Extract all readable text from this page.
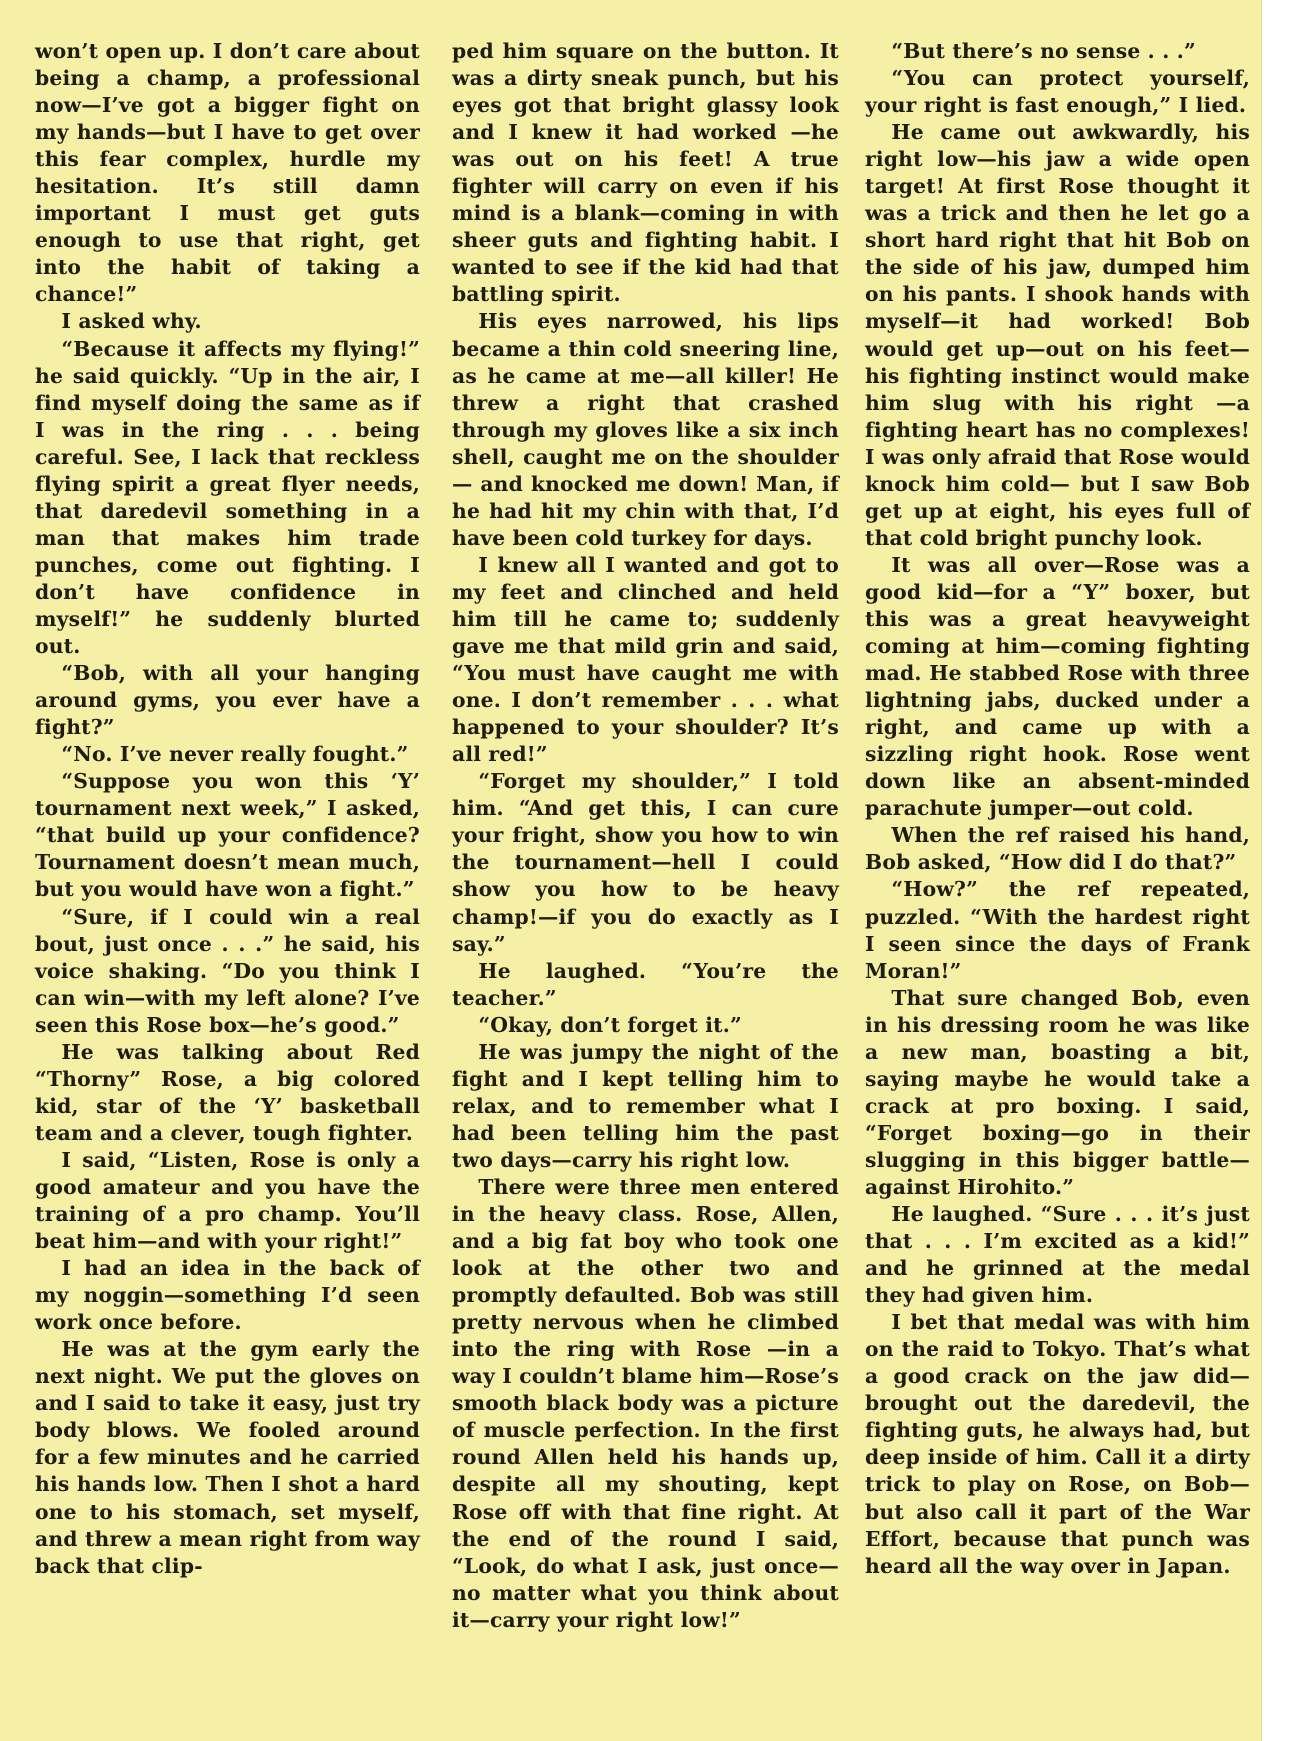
won’t open up. I don’t care about being a champ, a professional now—I’ve got a bigger fight on my hands—but I have to get over this fear complex, hurdle my hesitation. It’s still damn important I must get guts enough to use that right, get into the habit of taking a chance!”

I asked why.

“Because it affects my flying!” he said quickly. “Up in the air, I find myself doing the same as if I was in the ring . . . being careful. See, I lack that reckless flying spirit a great flyer needs, that daredevil something in a man that makes him trade punches, come out fighting. I don’t have confidence in myself!” he suddenly blurted out.

“Bob, with all your hanging around gyms, you ever have a fight?”

“No. I’ve never really fought.”

“Suppose you won this ‘Y’ tournament next week,” I asked, “that build up your confidence? Tournament doesn’t mean much, but you would have won a fight.”

“Sure, if I could win a real bout, just once . . .” he said, his voice shaking. “Do you think I can win—with my left alone? I’ve seen this Rose box—he’s good.”

He was talking about Red “Thorny” Rose, a big colored kid, star of the ‘Y’ basketball team and a clever, tough fighter.

I said, “Listen, Rose is only a good amateur and you have the training of a pro champ. You’ll beat him—and with your right!”

I had an idea in the back of my noggin—something I’d seen work once before.

He was at the gym early the next night. We put the gloves on and I said to take it easy, just try body blows. We fooled around for a few minutes and he carried his hands low. Then I shot a hard one to his stomach, set myself, and threw a mean right from way back that clip-

ped him square on the button. It was a dirty sneak punch, but his eyes got that bright glassy look and I knew it had worked —he was out on his feet! A true fighter will carry on even if his mind is a blank—coming in with sheer guts and fighting habit. I wanted to see if the kid had that battling spirit.

His eyes narrowed, his lips became a thin cold sneering line, as he came at me—all killer! He threw a right that crashed through my gloves like a six inch shell, caught me on the shoulder — and knocked me down! Man, if he had hit my chin with that, I’d have been cold turkey for days.

I knew all I wanted and got to my feet and clinched and held him till he came to; suddenly gave me that mild grin and said, “You must have caught me with one. I don’t remember . . . what happened to your shoulder? It’s all red!”

“Forget my shoulder,” I told him. “And get this, I can cure your fright, show you how to win the tournament—hell I could show you how to be heavy champ!—if you do exactly as I say.”

He laughed. “You’re the teacher.”

“Okay, don’t forget it.”

He was jumpy the night of the fight and I kept telling him to relax, and to remember what I had been telling him the past two days—carry his right low.

There were three men entered in the heavy class. Rose, Allen, and a big fat boy who took one look at the other two and promptly defaulted. Bob was still pretty nervous when he climbed into the ring with Rose —in a way I couldn’t blame him—Rose’s smooth black body was a picture of muscle perfection. In the first round Allen held his hands up, despite all my shouting, kept Rose off with that fine right. At the end of the round I said, “Look, do what I ask, just once—no matter what you think about it—carry your right low!”

“But there’s no sense . . .”

“You can protect yourself, your right is fast enough,” I lied.

He came out awkwardly, his right low—his jaw a wide open target! At first Rose thought it was a trick and then he let go a short hard right that hit Bob on the side of his jaw, dumped him on his pants. I shook hands with myself—it had worked! Bob would get up—out on his feet—his fighting instinct would make him slug with his right —a fighting heart has no complexes! I was only afraid that Rose would knock him cold— but I saw Bob get up at eight, his eyes full of that cold bright punchy look.

It was all over—Rose was a good kid—for a “Y” boxer, but this was a great heavyweight coming at him—coming fighting mad. He stabbed Rose with three lightning jabs, ducked under a right, and came up with a sizzling right hook. Rose went down like an absent-minded parachute jumper—out cold.

When the ref raised his hand, Bob asked, “How did I do that?”

“How?” the ref repeated, puzzled. “With the hardest right I seen since the days of Frank Moran!”

That sure changed Bob, even in his dressing room he was like a new man, boasting a bit, saying maybe he would take a crack at pro boxing. I said, “Forget boxing—go in their slugging in this bigger battle— against Hirohito.”

He laughed. “Sure . . . it’s just that . . . I’m excited as a kid!” and he grinned at the medal they had given him.

I bet that medal was with him on the raid to Tokyo. That’s what a good crack on the jaw did—brought out the daredevil, the fighting guts, he always had, but deep inside of him. Call it a dirty trick to play on Rose, on Bob—but also call it part of the War Effort, because that punch was heard all the way over in Japan.
